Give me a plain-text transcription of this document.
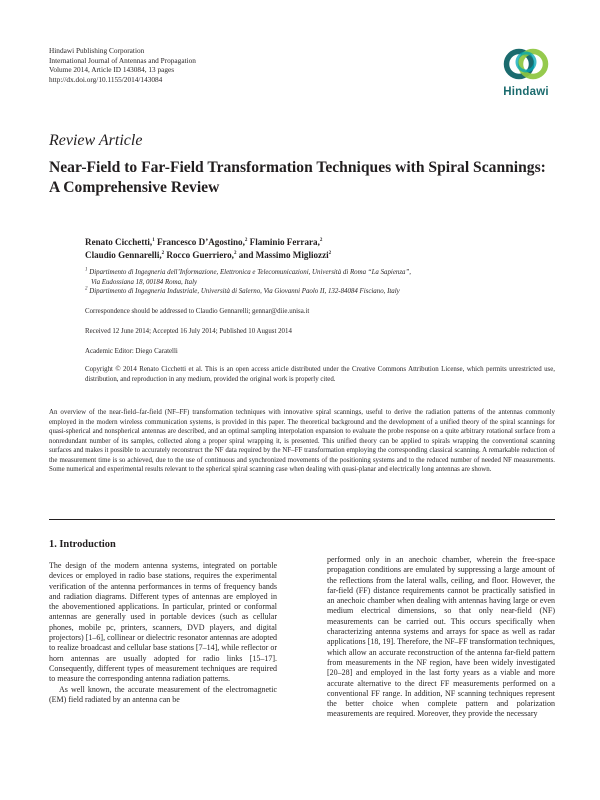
Hindawi Publishing Corporation
International Journal of Antennas and Propagation
Volume 2014, Article ID 143084, 13 pages
http://dx.doi.org/10.1155/2014/143084
Hindawi
Review Article
Near-Field to Far-Field Transformation Techniques with Spiral Scannings: A Comprehensive Review
Renato Cicchetti,$^1$ Francesco D’Agostino,$^2$ Flaminio Ferrara,$^2$
Claudio Gennarelli,$^2$ Rocco Guerriero,$^2$ and Massimo Migliozzi$^2$
$^1$ Dipartimento di Ingegneria dell’Informazione, Elettronica e Telecomunicazioni, Università di Roma “La Sapienza”,
Via Eudossiana 18, 00184 Roma, Italy
$^2$ Dipartimento di Ingegneria Industriale, Università di Salerno, Via Giovanni Paolo II, 132-84084 Fisciano, Italy
Correspondence should be addressed to Claudio Gennarelli; gennar@diie.unisa.it
Received 12 June 2014; Accepted 16 July 2014; Published 10 August 2014
Academic Editor: Diego Caratelli
Copyright © 2014 Renato Cicchetti et al. This is an open access article distributed under the Creative Commons Attribution License, which permits unrestricted use, distribution, and reproduction in any medium, provided the original work is properly cited.
An overview of the near-field–far-field (NF–FF) transformation techniques with innovative spiral scannings, useful to derive the radiation patterns of the antennas commonly employed in the modern wireless communication systems, is provided in this paper. The theoretical background and the development of a unified theory of the spiral scannings for quasi-spherical and nonspherical antennas are described, and an optimal sampling interpolation expansion to evaluate the probe response on a quite arbitrary rotational surface from a nonredundant number of its samples, collected along a proper spiral wrapping it, is presented. This unified theory can be applied to spirals wrapping the conventional scanning surfaces and makes it possible to accurately reconstruct the NF data required by the NF–FF transformation employing the corresponding classical scanning. A remarkable reduction of the measurement time is so achieved, due to the use of continuous and synchronized movements of the positioning systems and to the reduced number of needed NF measurements. Some numerical and experimental results relevant to the spherical spiral scanning case when dealing with quasi-planar and electrically long antennas are shown.
1. Introduction

The design of the modern antenna systems, integrated on portable devices or employed in radio base stations, requires the experimental verification of the antenna performances in terms of frequency bands and radiation diagrams. Different types of antennas are employed in the abovementioned applications. In particular, printed or conformal antennas are generally used in portable devices (such as cellular phones, mobile pc, printers, scanners, DVD players, and digital projectors) [1–6], collinear or dielectric resonator antennas are adopted to realize broadcast and cellular base stations [7–14], while reflector or horn antennas are usually adopted for radio links [15–17]. Consequently, different types of measurement techniques are required to measure the corresponding antenna radiation patterns.

As well known, the accurate measurement of the electromagnetic (EM) field radiated by an antenna can be

performed only in an anechoic chamber, wherein the free-space propagation conditions are emulated by suppressing a large amount of the reflections from the lateral walls, ceiling, and floor. However, the far-field (FF) distance requirements cannot be practically satisfied in an anechoic chamber when dealing with antennas having large or even medium electrical dimensions, so that only near-field (NF) measurements can be carried out. This occurs specifically when characterizing antenna systems and arrays for space as well as radar applications [18, 19]. Therefore, the NF–FF transformation techniques, which allow an accurate reconstruction of the antenna far-field pattern from measurements in the NF region, have been widely investigated [20–28] and employed in the last forty years as a viable and more accurate alternative to the direct FF measurements performed on a conventional FF range. In addition, NF scanning techniques represent the better choice when complete pattern and polarization measurements are required. Moreover, they provide the necessary
